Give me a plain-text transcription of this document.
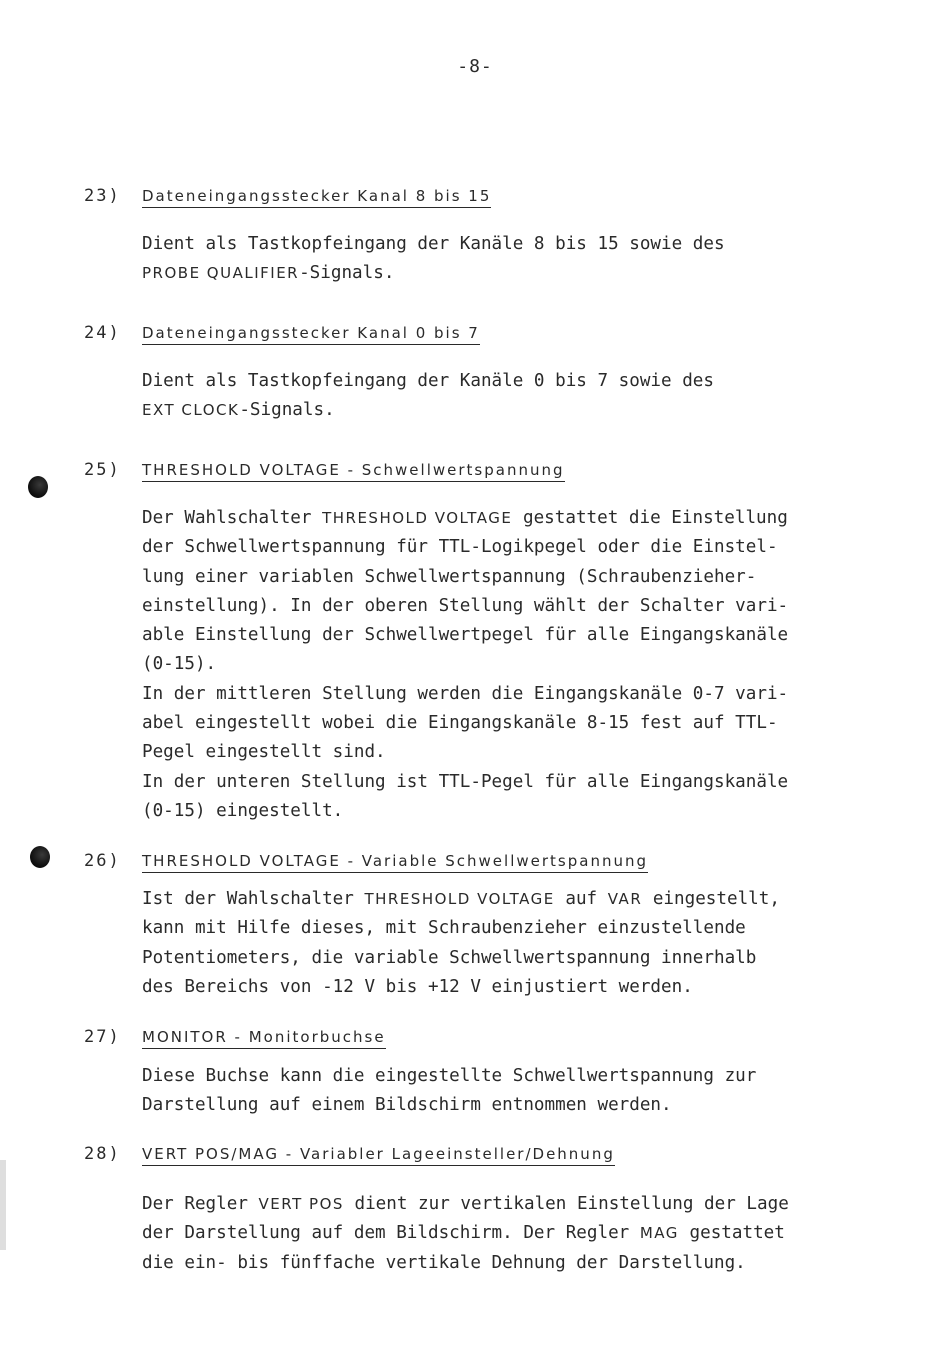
-8-
23) Dateneingangsstecker Kanal 8 bis 15
Dient als Tastkopfeingang der Kanäle 8 bis 15 sowie des
PROBE QUALIFIER-Signals.
24) Dateneingangsstecker Kanal 0 bis 7
Dient als Tastkopfeingang der Kanäle 0 bis 7 sowie des
EXT CLOCK-Signals.
25) THRESHOLD VOLTAGE - Schwellwertspannung
Der Wahlschalter THRESHOLD VOLTAGE gestattet die Einstellung
der Schwellwertspannung für TTL-Logikpegel oder die Einstel-
lung einer variablen Schwellwertspannung (Schraubenzieher-
einstellung). In der oberen Stellung wählt der Schalter vari-
able Einstellung der Schwellwertpegel für alle Eingangskanäle
(0-15).
In der mittleren Stellung werden die Eingangskanäle 0-7 vari-
abel eingestellt wobei die Eingangskanäle 8-15 fest auf TTL-
Pegel eingestellt sind.
In der unteren Stellung ist TTL-Pegel für alle Eingangskanäle
(0-15) eingestellt.
26) THRESHOLD VOLTAGE - Variable Schwellwertspannung
Ist der Wahlschalter THRESHOLD VOLTAGE auf VAR eingestellt,
kann mit Hilfe dieses, mit Schraubenzieher einzustellende
Potentiometers, die variable Schwellwertspannung innerhalb
des Bereichs von -12 V bis +12 V einjustiert werden.
27) MONITOR - Monitorbuchse
Diese Buchse kann die eingestellte Schwellwertspannung zur
Darstellung auf einem Bildschirm entnommen werden.
28) VERT POS/MAG - Variabler Lageeinsteller/Dehnung
Der Regler VERT POS dient zur vertikalen Einstellung der Lage
der Darstellung auf dem Bildschirm. Der Regler MAG gestattet
die ein- bis fünffache vertikale Dehnung der Darstellung.
